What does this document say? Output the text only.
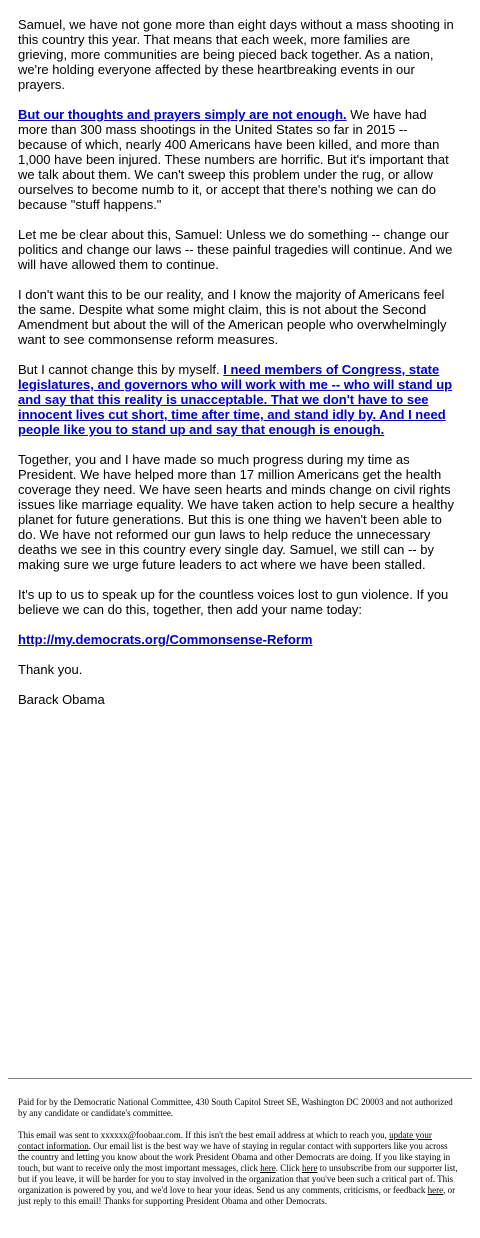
Samuel, we have not gone more than eight days without a mass shooting in this country this year. That means that each week, more families are grieving, more communities are being pieced back together. As a nation, we're holding everyone affected by these heartbreaking events in our prayers.

But our thoughts and prayers simply are not enough. We have had more than 300 mass shootings in the United States so far in 2015 -- because of which, nearly 400 Americans have been killed, and more than 1,000 have been injured. These numbers are horrific. But it's important that we talk about them. We can't sweep this problem under the rug, or allow ourselves to become numb to it, or accept that there's nothing we can do because "stuff happens."

Let me be clear about this, Samuel: Unless we do something -- change our politics and change our laws -- these painful tragedies will continue. And we will have allowed them to continue.

I don't want this to be our reality, and I know the majority of Americans feel the same. Despite what some might claim, this is not about the Second Amendment but about the will of the American people who overwhelmingly want to see commonsense reform measures.

But I cannot change this by myself. I need members of Congress, state legislatures, and governors who will work with me -- who will stand up and say that this reality is unacceptable. That we don't have to see innocent lives cut short, time after time, and stand idly by. And I need people like you to stand up and say that enough is enough.

Together, you and I have made so much progress during my time as President. We have helped more than 17 million Americans get the health coverage they need. We have seen hearts and minds change on civil rights issues like marriage equality. We have taken action to help secure a healthy planet for future generations. But this is one thing we haven't been able to do. We have not reformed our gun laws to help reduce the unnecessary deaths we see in this country every single day. Samuel, we still can -- by making sure we urge future leaders to act where we have been stalled.

It's up to us to speak up for the countless voices lost to gun violence. If you believe we can do this, together, then add your name today:

http://my.democrats.org/Commonsense-Reform

Thank you.

Barack Obama

Paid for by the Democratic National Committee, 430 South Capitol Street SE, Washington DC 20003 and not authorized by any candidate or candidate's committee.

This email was sent to xxxxxx@foobaar.com. If this isn't the best email address at which to reach you, update your contact information. Our email list is the best way we have of staying in regular contact with supporters like you across the country and letting you know about the work President Obama and other Democrats are doing. If you like staying in touch, but want to receive only the most important messages, click here. Click here to unsubscribe from our supporter list, but if you leave, it will be harder for you to stay involved in the organization that you've been such a critical part of. This organization is powered by you, and we'd love to hear your ideas. Send us any comments, criticisms, or feedback here, or just reply to this email! Thanks for supporting President Obama and other Democrats.
